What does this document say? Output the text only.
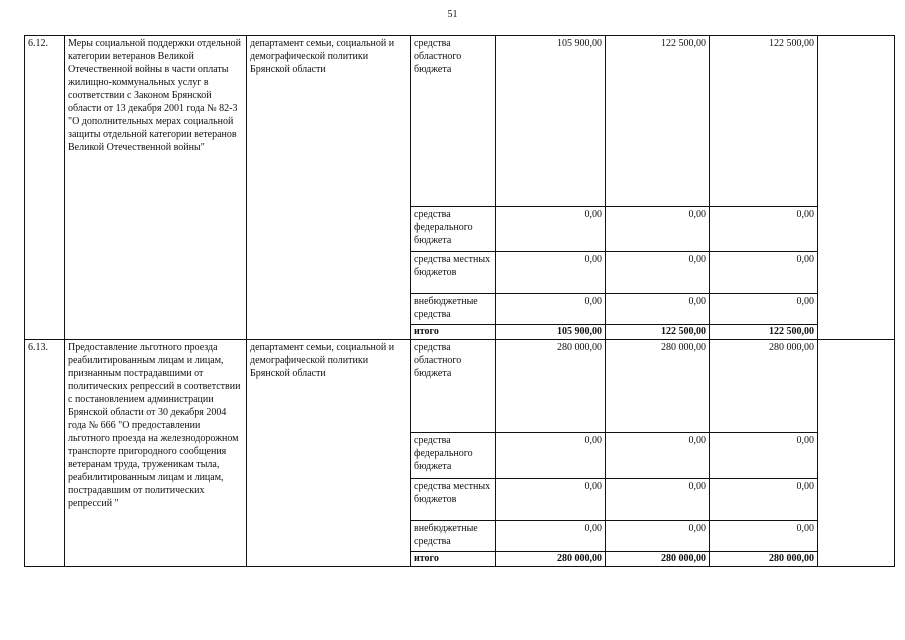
51
6.12.	Меры социальной поддержки отдельной категории ветеранов Великой Отечественной войны в части оплаты жилищно-коммунальных услуг в соответствии с Законом Брянской области от 13 декабря 2001 года № 82-3 "О дополнительных мерах социальной защиты отдельной категории ветеранов Великой Отечественной войны"	департамент семьи, социальной и демографической политики Брянской области	средства областного бюджета	105 900,00	122 500,00	122 500,00	
			средства федерального бюджета	0,00	0,00	0,00	
			средства местных бюджетов	0,00	0,00	0,00	
			внебюджетные средства	0,00	0,00	0,00	
			итого	105 900,00	122 500,00	122 500,00	
6.13.	Предоставление льготного проезда реабилитированным лицам и лицам, признанным пострадавшими от политических репрессий в соответствии с постановлением администрации Брянской области от 30 декабря 2004 года № 666 "О предоставлении льготного проезда на железнодорожном транспорте пригородного сообщения ветеранам труда, труженикам тыла, реабилитированным лицам и лицам, пострадавшим от политических репрессий "	департамент семьи, социальной и демографической политики Брянской области	средства областного бюджета	280 000,00	280 000,00	280 000,00	
			средства федерального бюджета	0,00	0,00	0,00	
			средства местных бюджетов	0,00	0,00	0,00	
			внебюджетные средства	0,00	0,00	0,00	
			итого	280 000,00	280 000,00	280 000,00	
